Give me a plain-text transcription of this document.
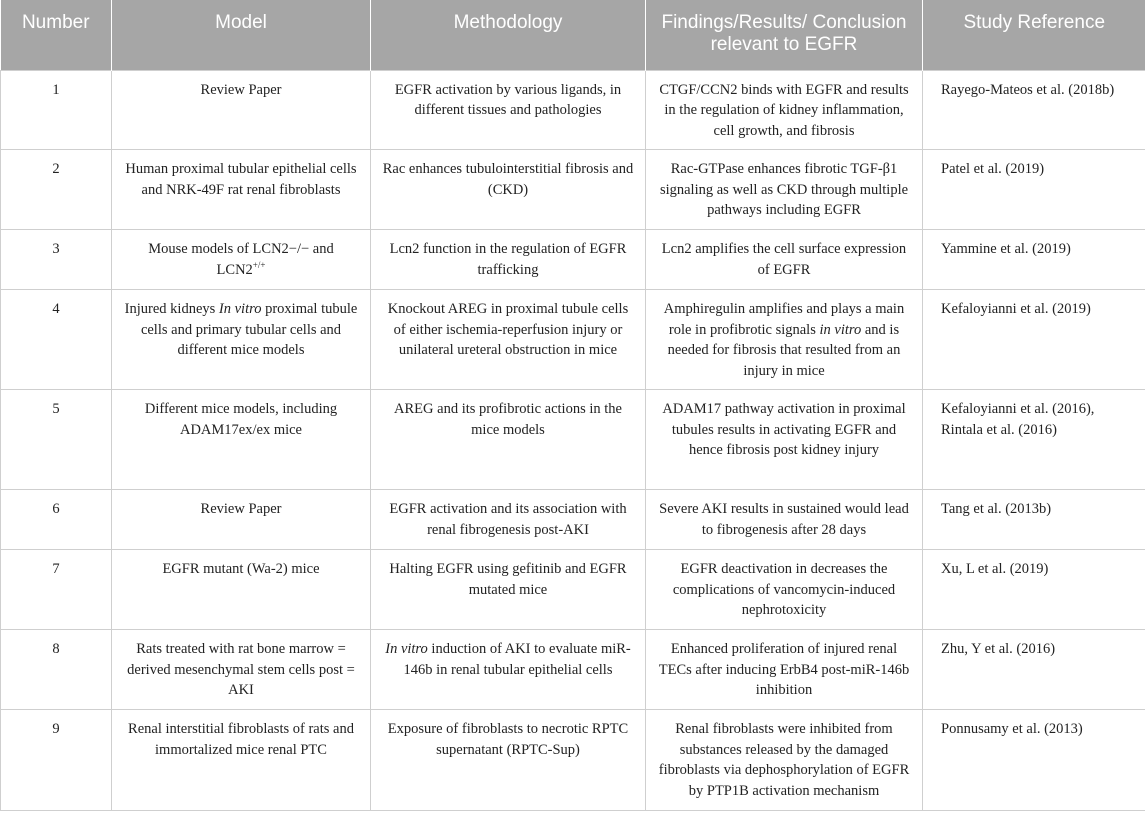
Number	Model	Methodology	Findings/Results/ Conclusion relevant to EGFR	Study Reference
1	Review Paper	EGFR activation by various ligands, in different tissues and pathologies	CTGF/CCN2 binds with EGFR and results in the regulation of kidney inflammation, cell growth, and fibrosis	Rayego-Mateos et al. (2018b)
2	Human proximal tubular epithelial cells and NRK-49F rat renal fibroblasts	Rac enhances tubulointerstitial fibrosis and (CKD)	Rac-GTPase enhances fibrotic TGF-β1 signaling as well as CKD through multiple pathways including EGFR	Patel et al. (2019)
3	Mouse models of LCN2−/− and LCN2+/+	Lcn2 function in the regulation of EGFR trafficking	Lcn2 amplifies the cell surface expression of EGFR	Yammine et al. (2019)
4	Injured kidneys In vitro proximal tubule cells and primary tubular cells and different mice models	Knockout AREG in proximal tubule cells of either ischemia-reperfusion injury or unilateral ureteral obstruction in mice	Amphiregulin amplifies and plays a main role in profibrotic signals in vitro and is needed for fibrosis that resulted from an injury in mice	Kefaloyianni et al. (2019)
5	Different mice models, including ADAM17ex/ex mice	AREG and its profibrotic actions in the mice models	ADAM17 pathway activation in proximal tubules results in activating EGFR and hence fibrosis post kidney injury	Kefaloyianni et al. (2016),
Rintala et al. (2016)
6	Review Paper	EGFR activation and its association with renal fibrogenesis post-AKI	Severe AKI results in sustained would lead to fibrogenesis after 28 days	Tang et al. (2013b)
7	EGFR mutant (Wa-2) mice	Halting EGFR using gefitinib and EGFR mutated mice	EGFR deactivation in decreases the complications of vancomycin-induced nephrotoxicity	Xu, L et al. (2019)
8	Rats treated with rat bone marrow = derived mesenchymal stem cells post = AKI	In vitro induction of AKI to evaluate miR-146b in renal tubular epithelial cells	Enhanced proliferation of injured renal TECs after inducing ErbB4 post-miR-146b inhibition	Zhu, Y et al. (2016)
9	Renal interstitial fibroblasts of rats and immortalized mice renal PTC	Exposure of fibroblasts to necrotic RPTC supernatant (RPTC-Sup)	Renal fibroblasts were inhibited from substances released by the damaged fibroblasts via dephosphorylation of EGFR by PTP1B activation mechanism	Ponnusamy et al. (2013)
